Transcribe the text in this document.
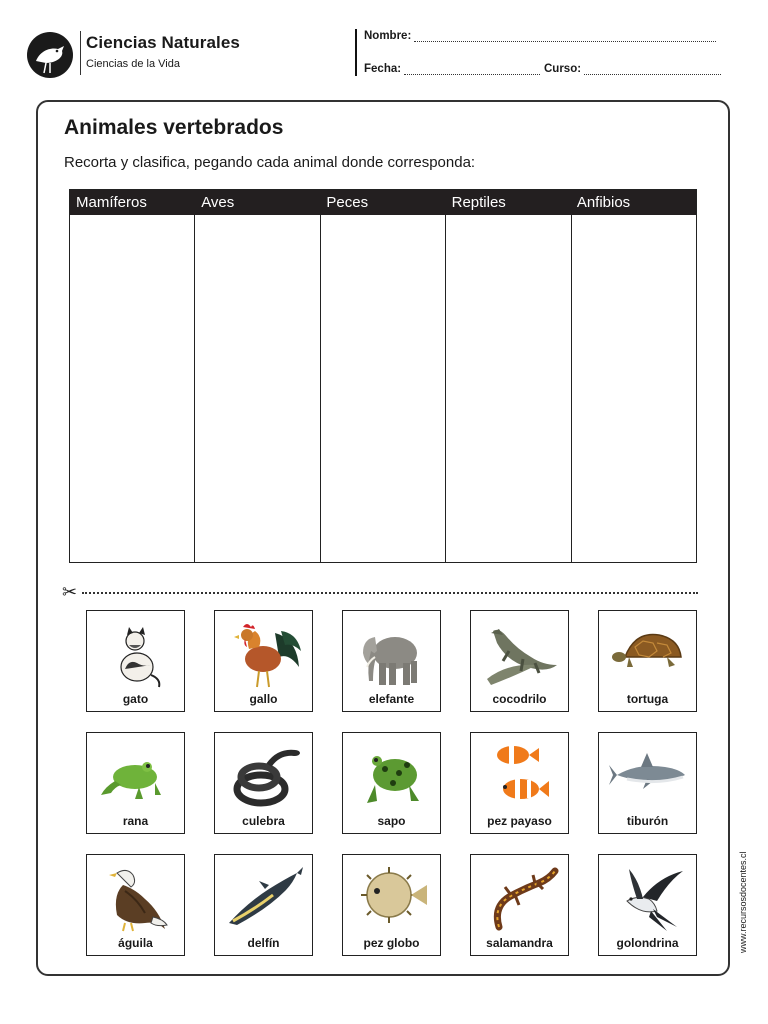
Ciencias Naturales
Ciencias de la Vida
Nombre:
Fecha:	Curso:
Animales vertebrados
Recorta y clasifica, pegando cada animal donde corresponda:
Mamíferos	Aves	Peces	Reptiles	Anfibios
✂
gato	gallo	elefante	cocodrilo	tortuga
rana	culebra	sapo	pez payaso	tiburón
águila	delfín	pez globo	salamandra	golondrina	www.recursosdocentes.cl
